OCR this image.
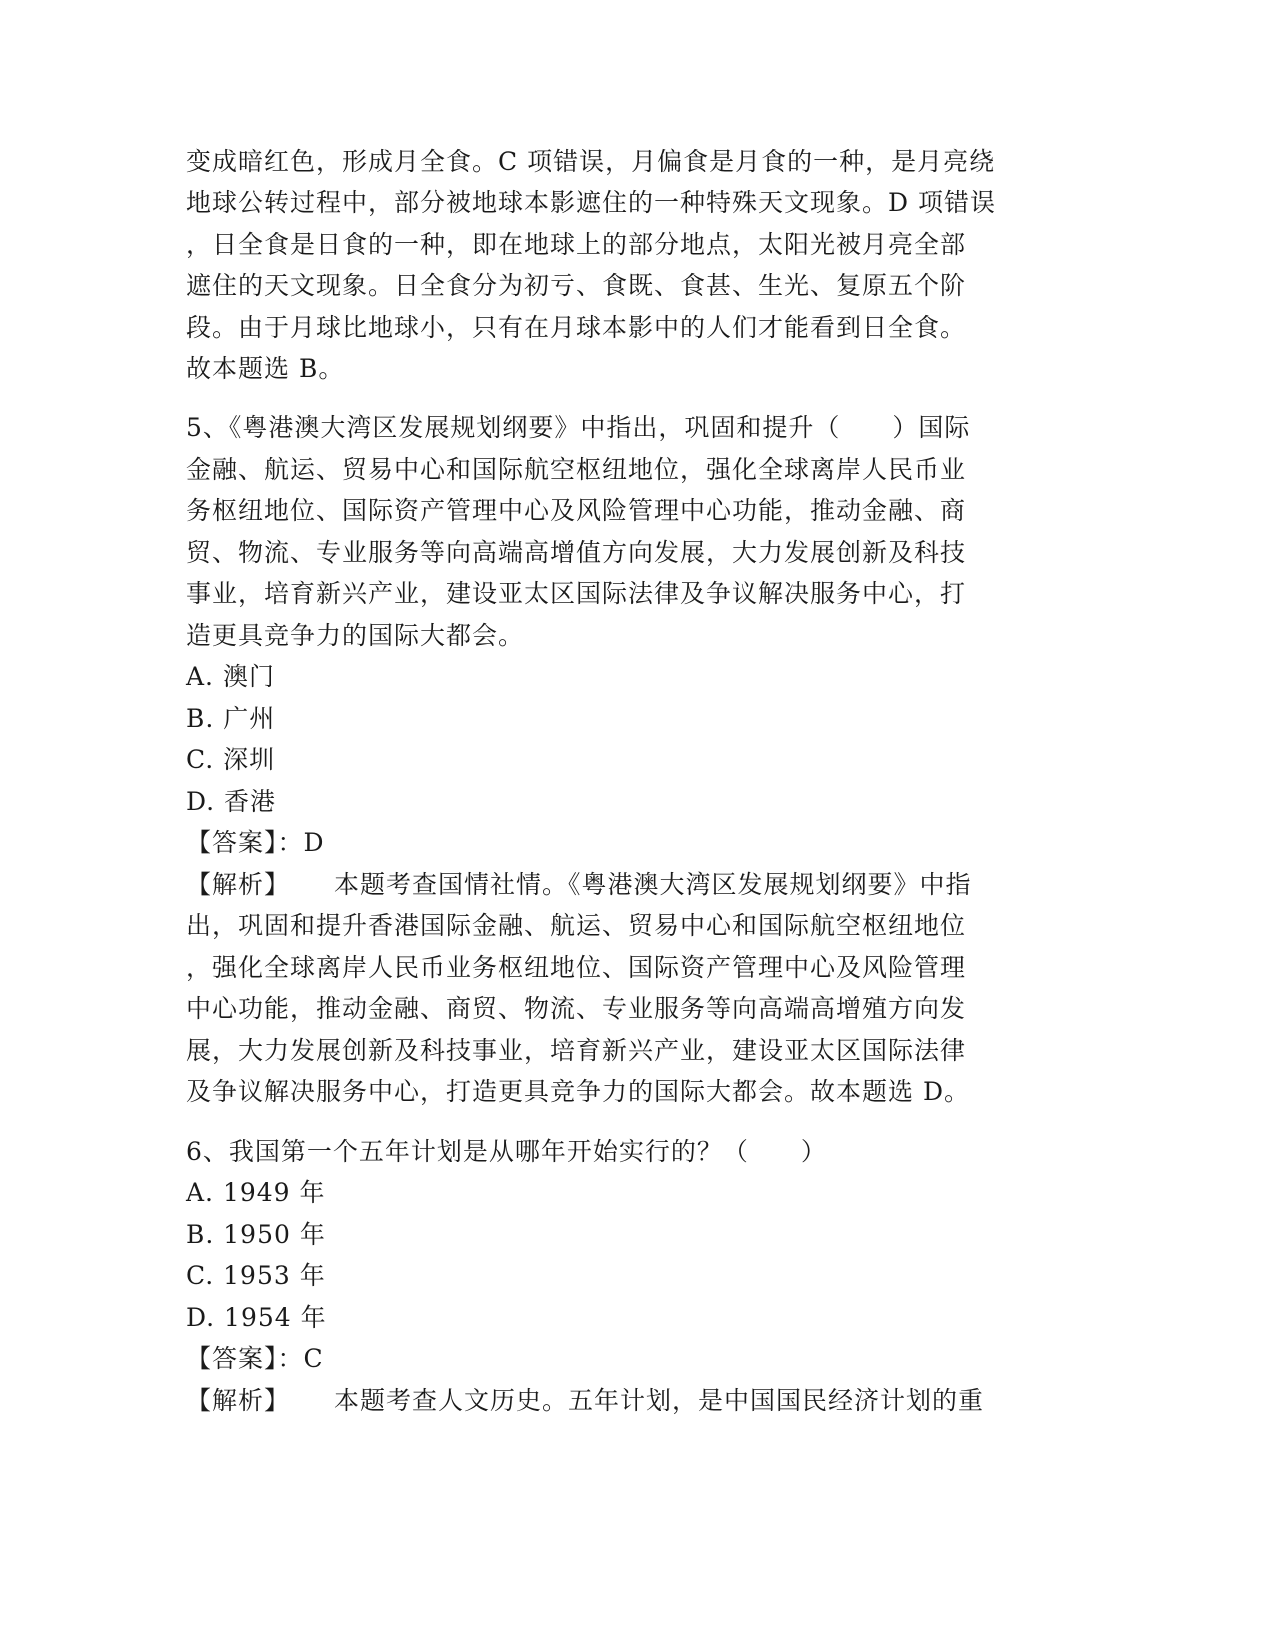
变成暗红色，形成月全食。C 项错误，月偏食是月食的一种，是月亮绕
地球公转过程中，部分被地球本影遮住的一种特殊天文现象。D 项错误
，日全食是日食的一种，即在地球上的部分地点，太阳光被月亮全部
遮住的天文现象。日全食分为初亏、食既、食甚、生光、复原五个阶
段。由于月球比地球小，只有在月球本影中的人们才能看到日全食。
故本题选 B。
5、《粤港澳大湾区发展规划纲要》中指出，巩固和提升（　　）国际
金融、航运、贸易中心和国际航空枢纽地位，强化全球离岸人民币业
务枢纽地位、国际资产管理中心及风险管理中心功能，推动金融、商
贸、物流、专业服务等向高端高增值方向发展，大力发展创新及科技
事业，培育新兴产业，建设亚太区国际法律及争议解决服务中心，打
造更具竞争力的国际大都会。
A. 澳门
B. 广州
C. 深圳
D. 香港
【答案】：D
【解析】 本题考查国情社情。《粤港澳大湾区发展规划纲要》中指
出，巩固和提升香港国际金融、航运、贸易中心和国际航空枢纽地位
，强化全球离岸人民币业务枢纽地位、国际资产管理中心及风险管理
中心功能，推动金融、商贸、物流、专业服务等向高端高增殖方向发
展，大力发展创新及科技事业，培育新兴产业，建设亚太区国际法律
及争议解决服务中心，打造更具竞争力的国际大都会。故本题选 D。
6、我国第一个五年计划是从哪年开始实行的？（　　）
A. 1949 年
B. 1950 年
C. 1953 年
D. 1954 年
【答案】：C
【解析】 本题考查人文历史。五年计划，是中国国民经济计划的重
